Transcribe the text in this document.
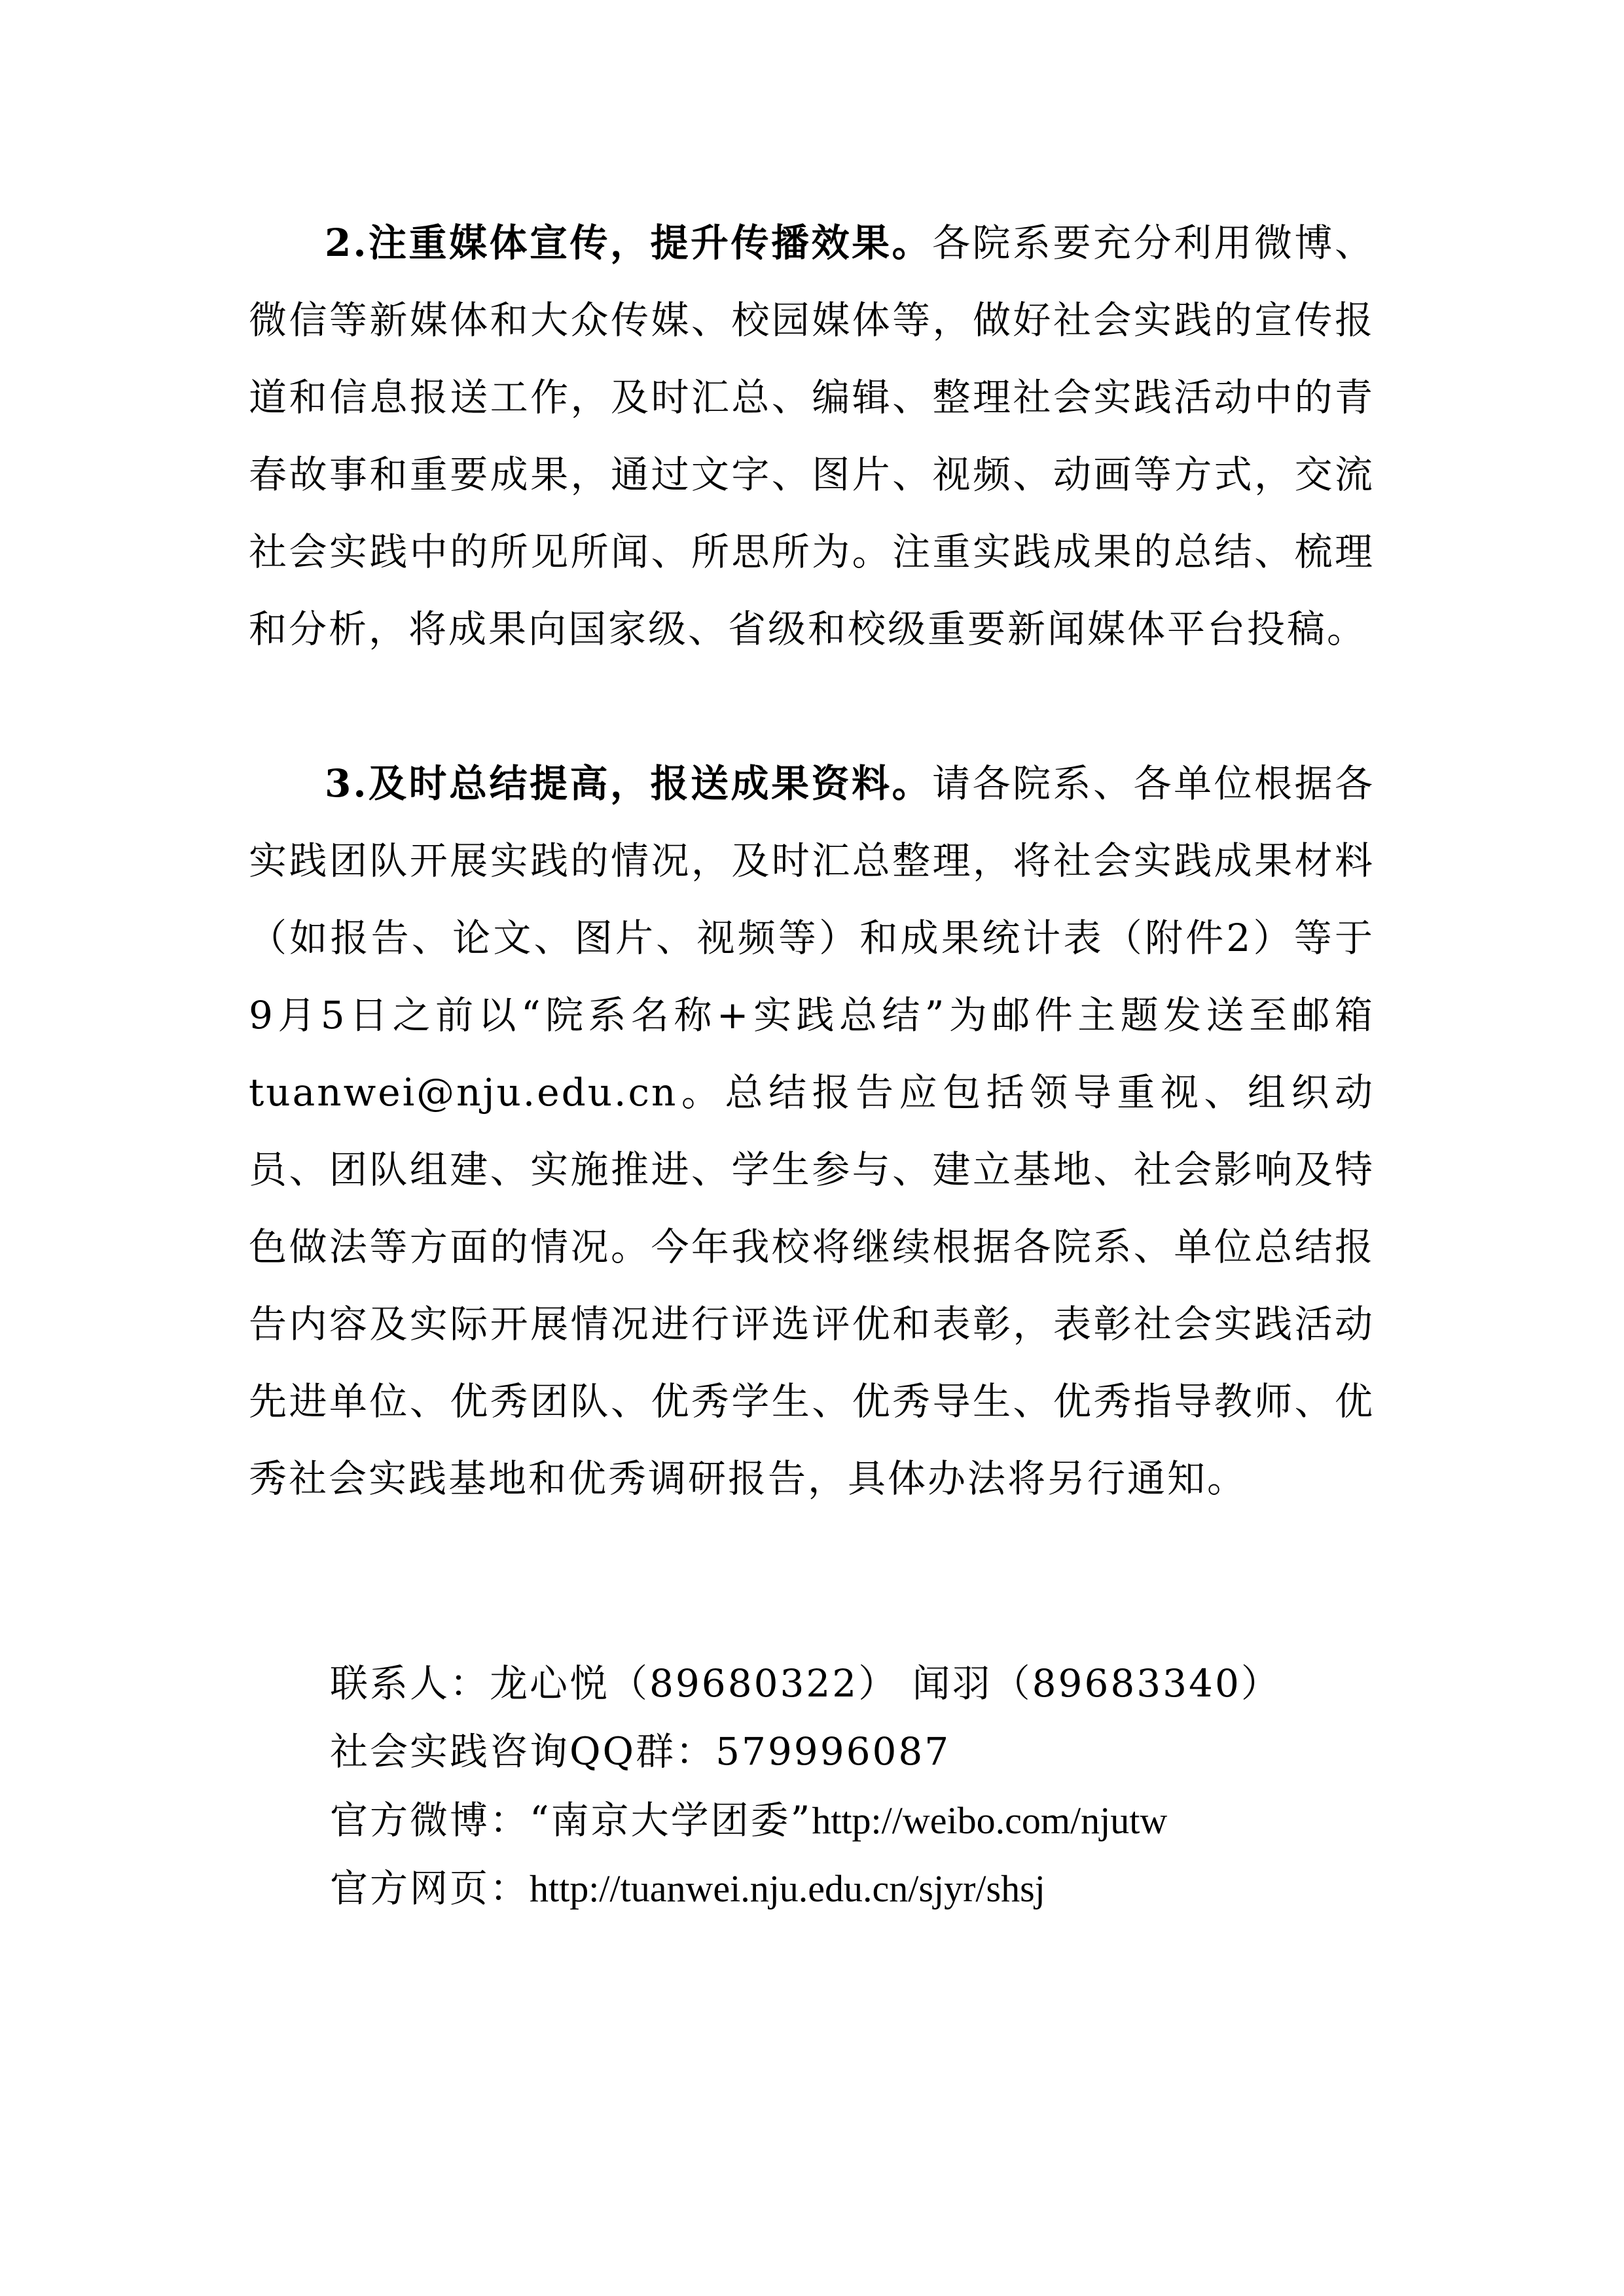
2.注重媒体宣传，提升传播效果。各院系要充分利用微博、微信等新媒体和大众传媒、校园媒体等，做好社会实践的宣传报道和信息报送工作，及时汇总、编辑、整理社会实践活动中的青春故事和重要成果，通过文字、图片、视频、动画等方式，交流社会实践中的所见所闻、所思所为。注重实践成果的总结、梳理和分析，将成果向国家级、省级和校级重要新闻媒体平台投稿。

3.及时总结提高，报送成果资料。请各院系、各单位根据各实践团队开展实践的情况，及时汇总整理，将社会实践成果材料（如报告、论文、图片、视频等）和成果统计表（附件2）等于9月5日之前以“院系名称+实践总结”为邮件主题发送至邮箱 tuanwei@nju.edu.cn。总结报告应包括领导重视、组织动员、团队组建、实施推进、学生参与、建立基地、社会影响及特色做法等方面的情况。今年我校将继续根据各院系、单位总结报告内容及实际开展情况进行评选评优和表彰，表彰社会实践活动先进单位、优秀团队、优秀学生、优秀导生、优秀指导教师、优秀社会实践基地和优秀调研报告，具体办法将另行通知。

联系人：龙心悦（89680322） 闻羽（89683340）
社会实践咨询QQ群：579996087
官方微博：“南京大学团委”http://weibo.com/njutw
官方网页：http://tuanwei.nju.edu.cn/sjyr/shsj
